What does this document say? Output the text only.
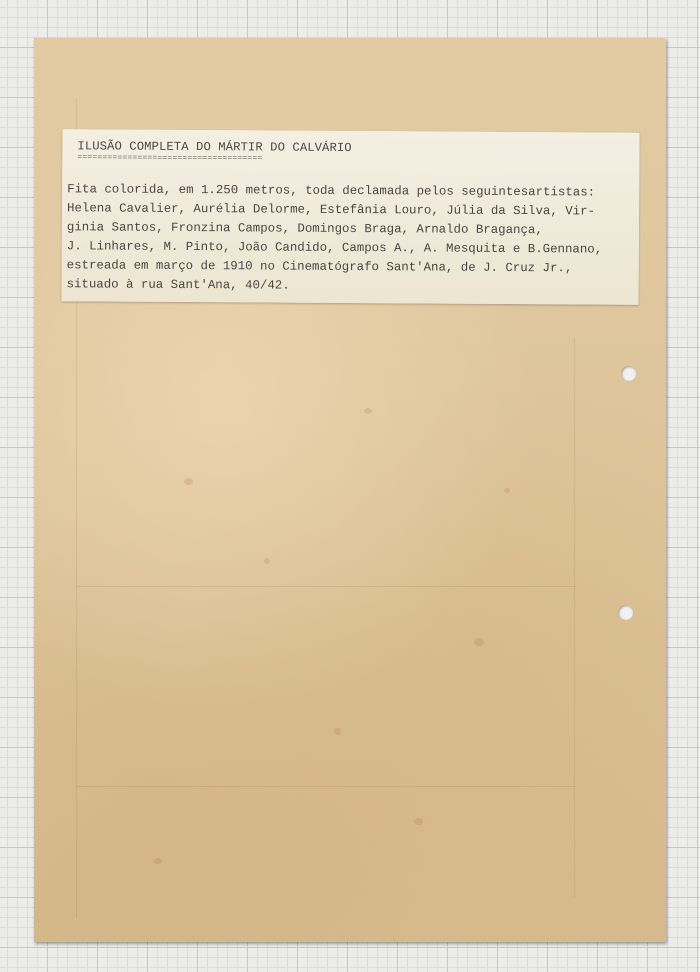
ILUSÃO COMPLETA DO MÁRTIR DO CALVÁRIO
=====================================
Fita colorida, em 1.250 metros, toda declamada pelos seguintesartistas:
Helena Cavalier, Aurélia Delorme, Estefânia Louro, Júlia da Silva, Vir-
ginia Santos, Fronzina Campos, Domingos Braga, Arnaldo Bragança,
J. Linhares, M. Pinto, João Candido, Campos A., A. Mesquita e B.Gennano,
estreada em março de 1910 no Cinematógrafo Sant'Ana, de J. Cruz Jr.,
situado à rua Sant'Ana, 40/42.
